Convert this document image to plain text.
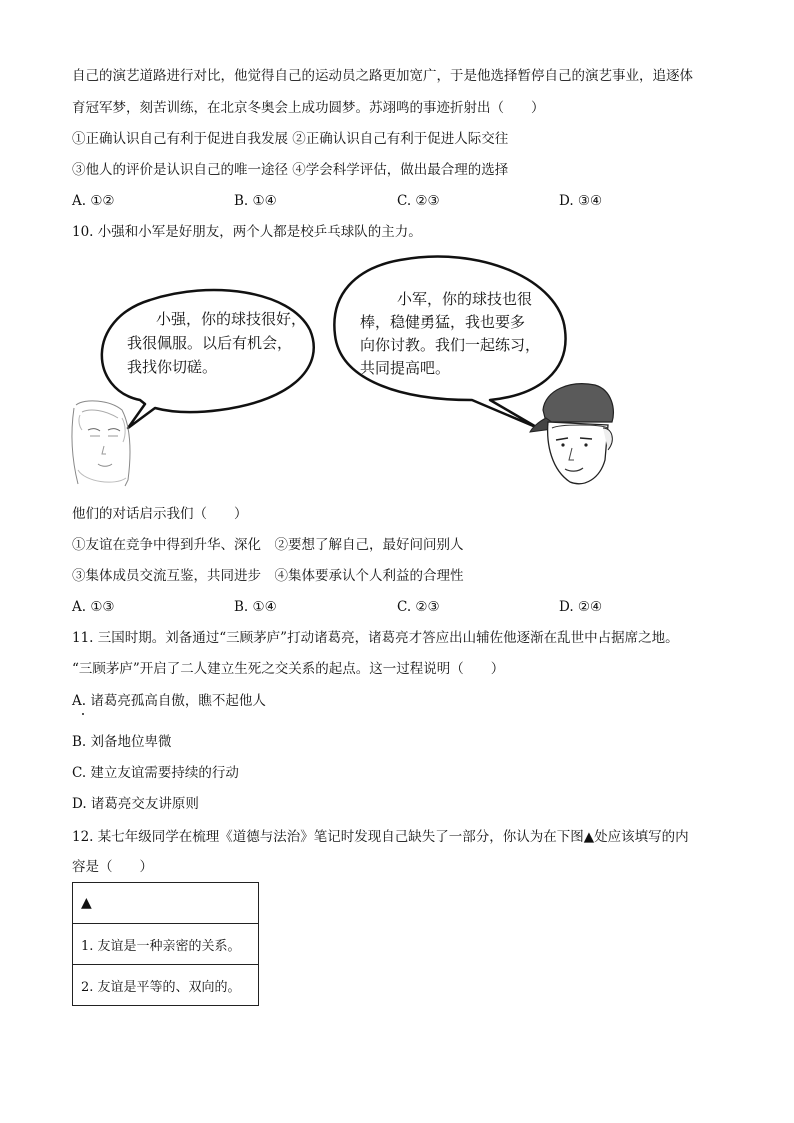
自己的演艺道路进行对比，他觉得自己的运动员之路更加宽广，于是他选择暂停自己的演艺事业，追逐体
育冠军梦，刻苦训练，在北京冬奥会上成功圆梦。苏翊鸣的事迹折射出（　　）
①正确认识自己有利于促进自我发展 ②正确认识自己有利于促进人际交往
③他人的评价是认识自己的唯一途径 ④学会科学评估，做出最合理的选择
A. ①②	B. ①④	C. ②③	D. ③④
10. 小强和小军是好朋友，两个人都是校乒乓球队的主力。
小强，你的球技很好，
我很佩服。以后有机会，
我找你切磋。
小军，你的球技也很
棒，稳健勇猛，我也要多
向你讨教。我们一起练习，
共同提高吧。
他们的对话启示我们（　　）
①友谊在竞争中得到升华、深化　②要想了解自己，最好问问别人
③集体成员交流互鉴，共同进步　④集体要承认个人利益的合理性
A. ①③	B. ①④	C. ②③	D. ②④
11. 三国时期。刘备通过“三顾茅庐”打动诸葛亮，诸葛亮才答应出山辅佐他逐渐在乱世中占据席之地。
“三顾茅庐”开启了二人建立生死之交关系的起点。这一过程说明（　　）
A. 诸葛亮孤高自傲，瞧不起他人
B. 刘备地位卑微
C. 建立友谊需要持续的行动
D. 诸葛亮交友讲原则
12. 某七年级同学在梳理《道德与法治》笔记时发现自己缺失了一部分，你认为在下图▲处应该填写的内
容是（　　）
▲
1. 友谊是一种亲密的关系。
2. 友谊是平等的、双向的。
